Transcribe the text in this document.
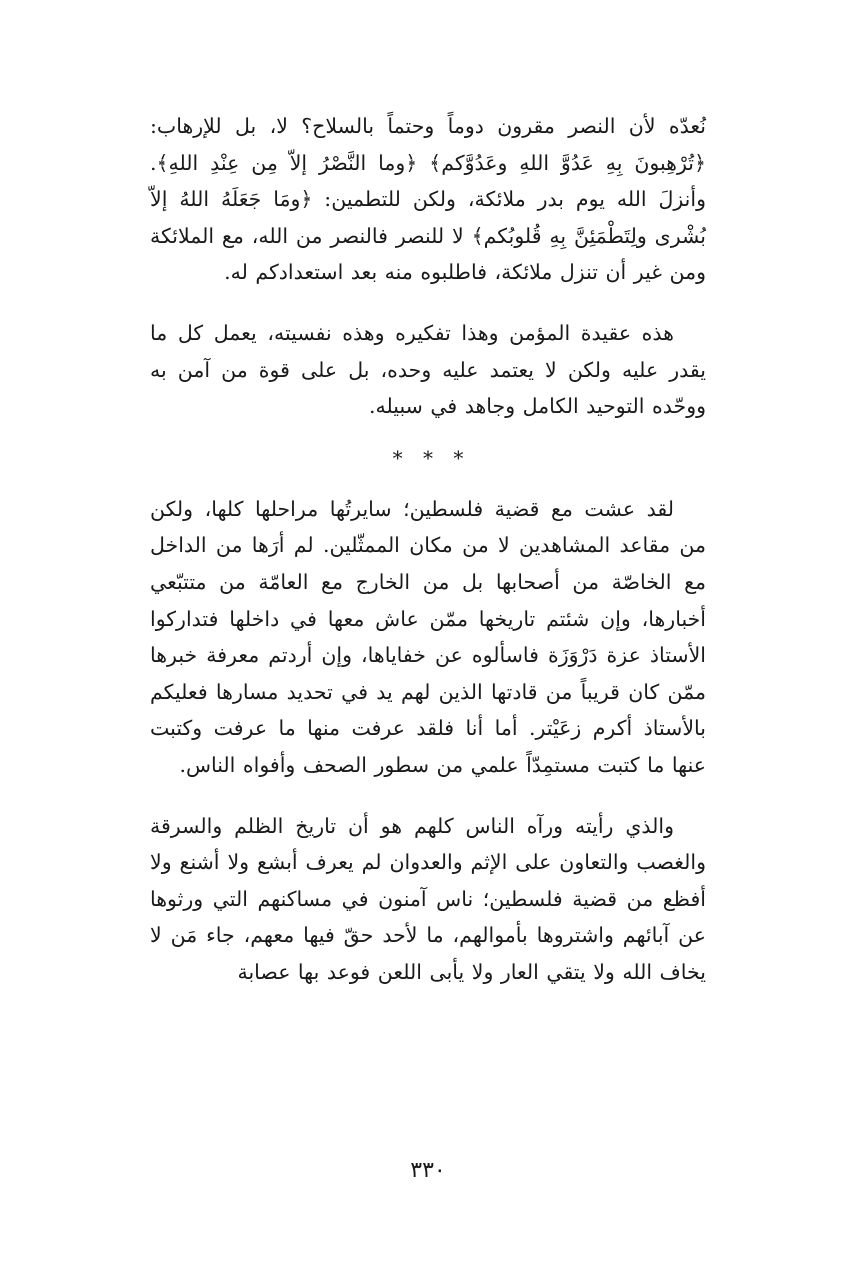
نُعدّه لأن النصر مقرون دوماً وحتماً بالسلاح؟ لا، بل للإرهاب: ﴿تُرْهِبونَ بِهِ عَدُوَّ اللهِ وعَدُوَّكم﴾ ﴿وما النَّصْرُ إلاّ مِن عِنْدِ اللهِ﴾. وأنزلَ الله يوم بدر ملائكة، ولكن للتطمين: ﴿ومَا جَعَلَهُ اللهُ إلاّ بُشْرى ولِتَطْمَئِنَّ بِهِ قُلوبُكم﴾ لا للنصر فالنصر من الله، مع الملائكة ومن غير أن تنزل ملائكة، فاطلبوه منه بعد استعدادكم له.

هذه عقيدة المؤمن وهذا تفكيره وهذه نفسيته، يعمل كل ما يقدر عليه ولكن لا يعتمد عليه وحده، بل على قوة من آمن به ووحّده التوحيد الكامل وجاهد في سبيله.

* * *

لقد عشت مع قضية فلسطين؛ سايرتُها مراحلها كلها، ولكن من مقاعد المشاهدين لا من مكان الممثّلين. لم أرَها من الداخل مع الخاصّة من أصحابها بل من الخارج مع العامّة من متتبّعي أخبارها، وإن شئتم تاريخها ممّن عاش معها في داخلها فتداركوا الأستاذ عزة دَرْوَزَة فاسألوه عن خفاياها، وإن أردتم معرفة خبرها ممّن كان قريباً من قادتها الذين لهم يد في تحديد مسارها فعليكم بالأستاذ أكرم زعَيْتر. أما أنا فلقد عرفت منها ما عرفت وكتبت عنها ما كتبت مستمِدّاً علمي من سطور الصحف وأفواه الناس.

والذي رأيته ورآه الناس كلهم هو أن تاريخ الظلم والسرقة والغصب والتعاون على الإثم والعدوان لم يعرف أبشع ولا أشنع ولا أفظع من قضية فلسطين؛ ناس آمنون في مساكنهم التي ورثوها عن آبائهم واشتروها بأموالهم، ما لأحد حقّ فيها معهم، جاء مَن لا يخاف الله ولا يتقي العار ولا يأبى اللعن فوعد بها عصابة

٣٣٠
